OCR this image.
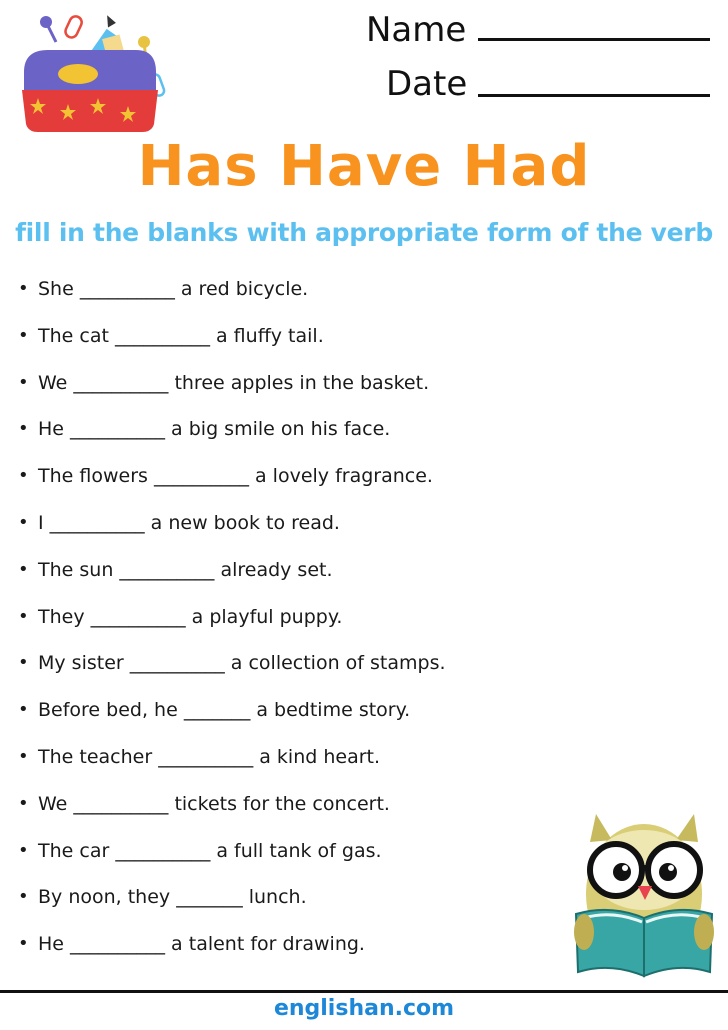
Name
Date
Has Have Had
fill in the blanks with appropriate form of the verb
• She __________ a red bicycle.
• The cat __________ a fluffy tail.
• We __________ three apples in the basket.
• He __________ a big smile on his face.
• The flowers __________ a lovely fragrance.
• I __________ a new book to read.
• The sun __________ already set.
• They __________ a playful puppy.
• My sister __________ a collection of stamps.
• Before bed, he _______ a bedtime story.
• The teacher __________ a kind heart.
• We __________ tickets for the concert.
• The car __________ a full tank of gas.
• By noon, they _______ lunch.
• He __________ a talent for drawing.
englishan.com
